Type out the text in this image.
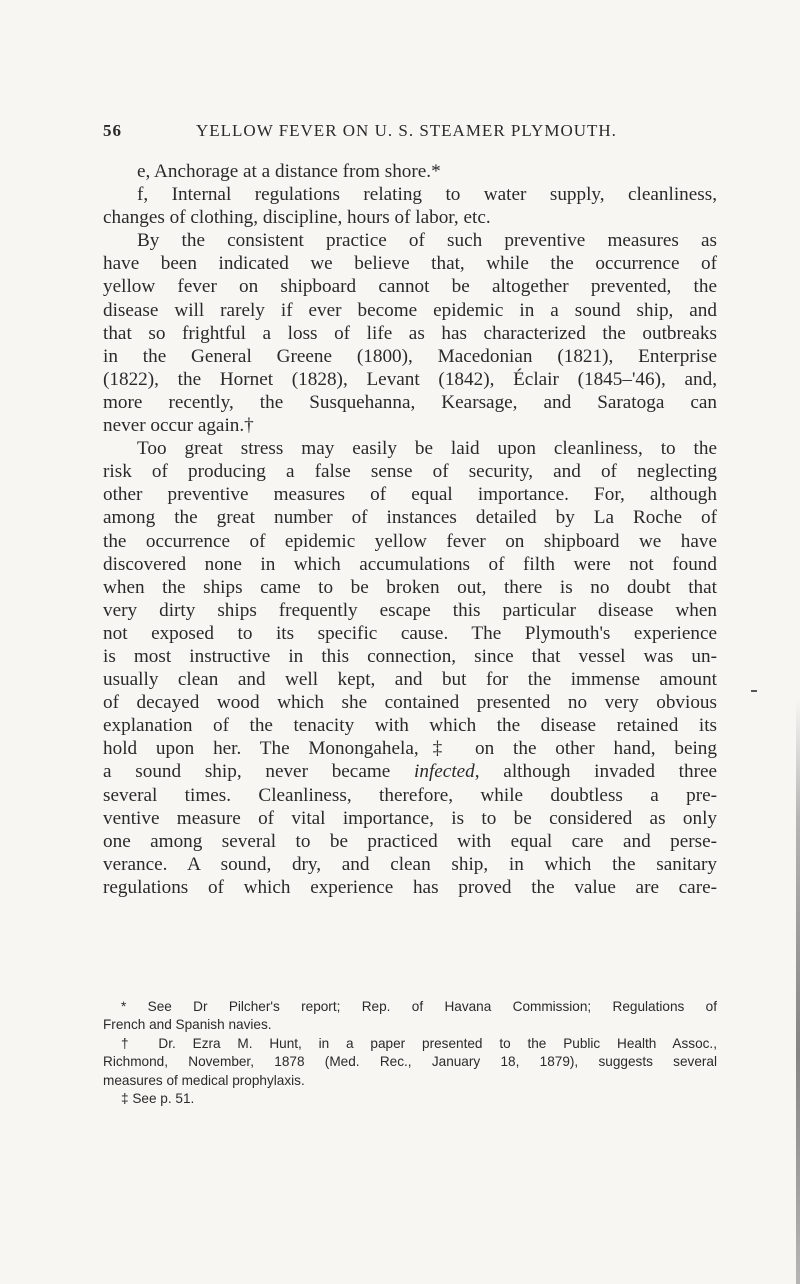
56	YELLOW FEVER ON U. S. STEAMER PLYMOUTH.
e, Anchorage at a distance from shore.*
f, Internal regulations relating to water supply, cleanliness,
changes of clothing, discipline, hours of labor, etc.
By the consistent practice of such preventive measures as
have been indicated we believe that, while the occurrence of
yellow fever on shipboard cannot be altogether prevented, the
disease will rarely if ever become epidemic in a sound ship, and
that so frightful a loss of life as has characterized the outbreaks
in the General Greene (1800), Macedonian (1821), Enterprise
(1822), the Hornet (1828), Levant (1842), Éclair (1845–'46), and,
more recently, the Susquehanna, Kearsage, and Saratoga can
never occur again.†
Too great stress may easily be laid upon cleanliness, to the
risk of producing a false sense of security, and of neglecting
other preventive measures of equal importance. For, although
among the great number of instances detailed by La Roche of
the occurrence of epidemic yellow fever on shipboard we have
discovered none in which accumulations of filth were not found
when the ships came to be broken out, there is no doubt that
very dirty ships frequently escape this particular disease when
not exposed to its specific cause. The Plymouth's experience
is most instructive in this connection, since that vessel was un-
usually clean and well kept, and but for the immense amount
of decayed wood which she contained presented no very obvious
explanation of the tenacity with which the disease retained its
hold upon her. The Monongahela,‡ on the other hand, being
a sound ship, never became infected, although invaded three
several times. Cleanliness, therefore, while doubtless a pre-
ventive measure of vital importance, is to be considered as only
one among several to be practiced with equal care and perse-
verance. A sound, dry, and clean ship, in which the sanitary
regulations of which experience has proved the value are care-
* See Dr Pilcher's report; Rep. of Havana Commission; Regulations of
French and Spanish navies.
† Dr. Ezra M. Hunt, in a paper presented to the Public Health Assoc.,
Richmond, November, 1878 (Med. Rec., January 18, 1879), suggests several
measures of medical prophylaxis.
‡ See p. 51.
